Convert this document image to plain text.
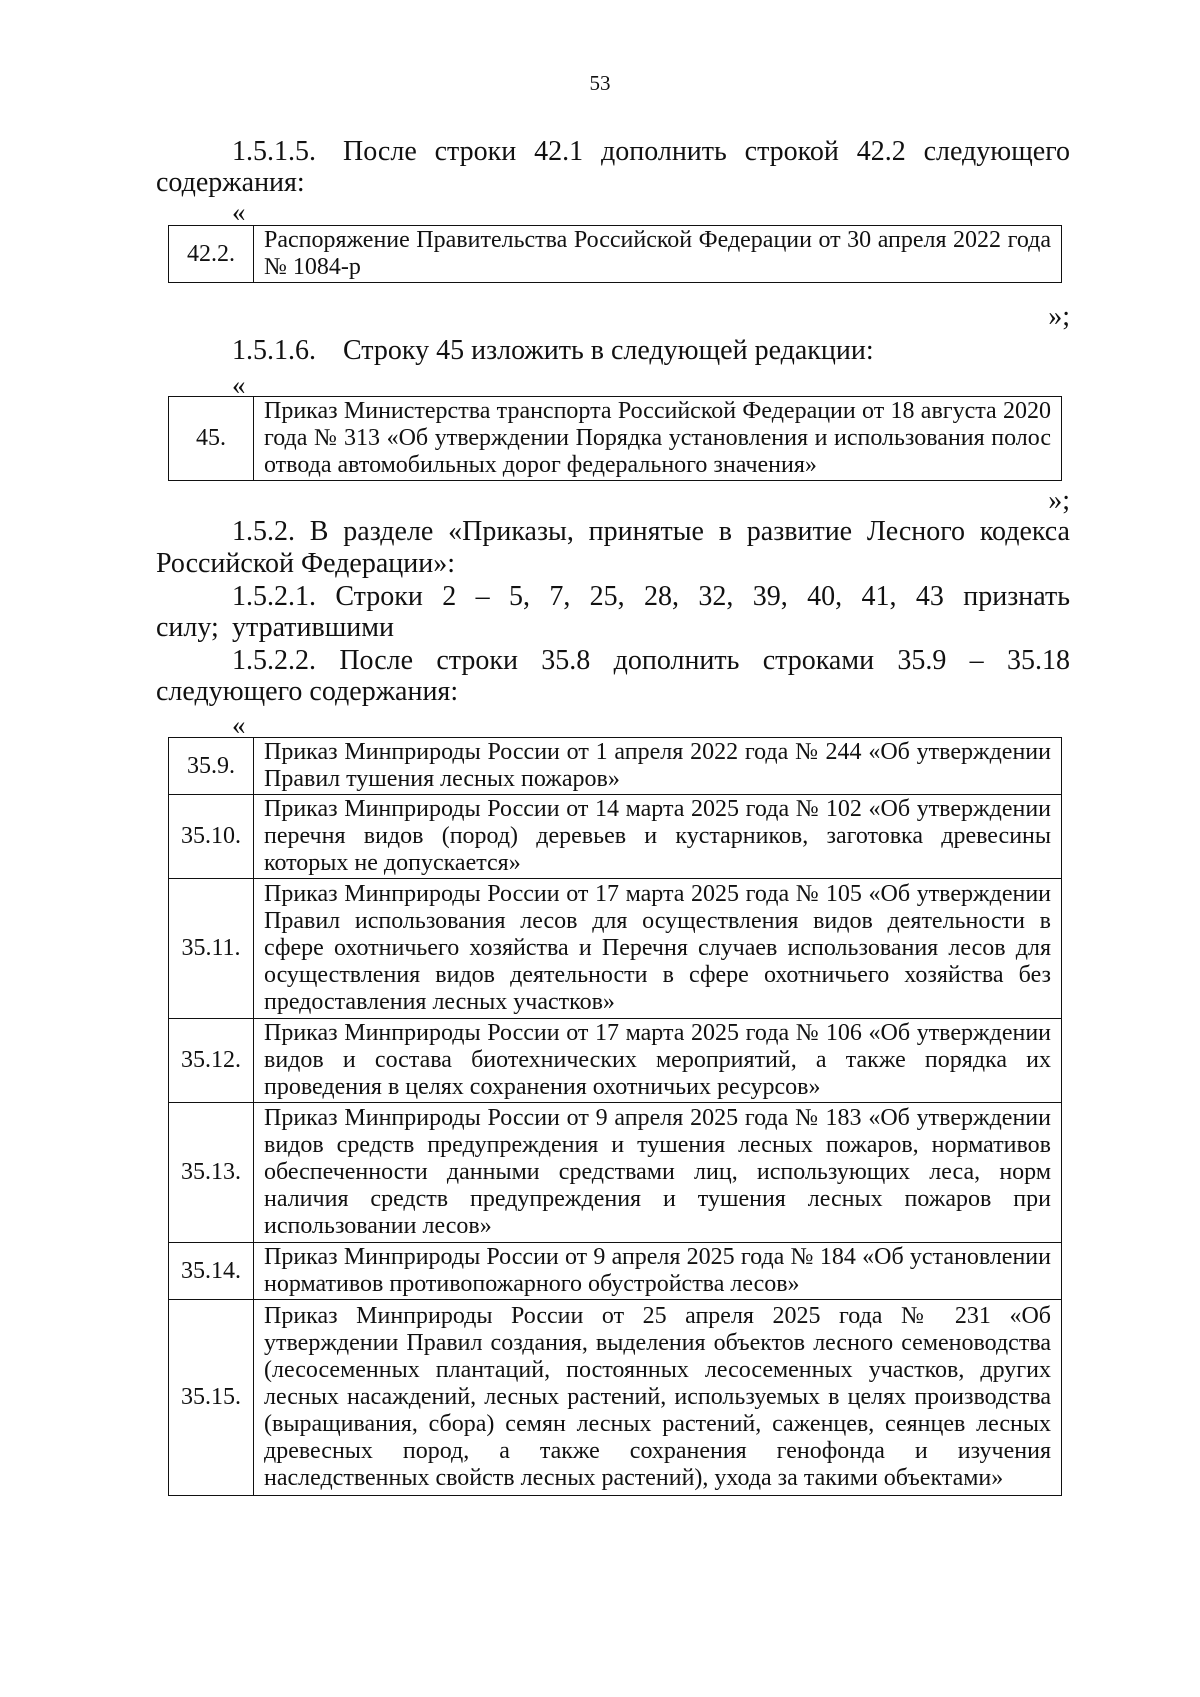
53
1.5.1.5. После строки 42.1 дополнить строкой 42.2 следующего
содержания:
«
42.2.	Распоряжение Правительства Российской Федерации от 30 апреля 2022 года № 1084-р
»;
1.5.1.6. Строку 45 изложить в следующей редакции:
«
45.	Приказ Министерства транспорта Российской Федерации от 18 августа 2020 года № 313 «Об утверждении Порядка установления и использования полос отвода автомобильных дорог федерального значения»
»;
1.5.2. В разделе «Приказы, принятые в развитие Лесного кодекса
Российской Федерации»:
1.5.2.1. Строки 2 – 5, 7, 25, 28, 32, 39, 40, 41, 43 признать утратившими
силу;
1.5.2.2. После строки 35.8 дополнить строками 35.9 – 35.18
следующего содержания:
«
35.9.	Приказ Минприроды России от 1 апреля 2022 года № 244 «Об утверждении Правил тушения лесных пожаров»
35.10.	Приказ Минприроды России от 14 марта 2025 года № 102 «Об утверждении перечня видов (пород) деревьев и кустарников, заготовка древесины которых не допускается»
35.11.	Приказ Минприроды России от 17 марта 2025 года № 105 «Об утверждении Правил использования лесов для осуществления видов деятельности в сфере охотничьего хозяйства и Перечня случаев использования лесов для осуществления видов деятельности в сфере охотничьего хозяйства без предоставления лесных участков»
35.12.	Приказ Минприроды России от 17 марта 2025 года № 106 «Об утверждении видов и состава биотехнических мероприятий, а также порядка их проведения в целях сохранения охотничьих ресурсов»
35.13.	Приказ Минприроды России от 9 апреля 2025 года № 183 «Об утверждении видов средств предупреждения и тушения лесных пожаров, нормативов обеспеченности данными средствами лиц, использующих леса, норм наличия средств предупреждения и тушения лесных пожаров при использовании лесов»
35.14.	Приказ Минприроды России от 9 апреля 2025 года № 184 «Об установлении нормативов противопожарного обустройства лесов»
35.15.	Приказ Минприроды России от 25 апреля 2025 года № 231 «Об утверждении Правил создания, выделения объектов лесного семеноводства (лесосеменных плантаций, постоянных лесосеменных участков, других лесных насаждений, лесных растений, используемых в целях производства (выращивания, сбора) семян лесных растений, саженцев, сеянцев лесных древесных пород, а также сохранения генофонда и изучения наследственных свойств лесных растений), ухода за такими объектами»
